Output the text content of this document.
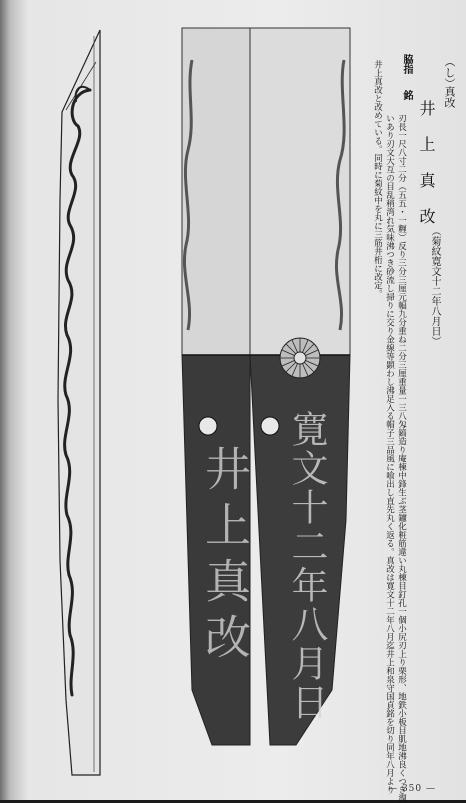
寛文十二年八月日
井上真改
（し）
真改
脇指
銘
井上真改
（菊紋寛文十二年八月日）
刃長一尺八寸二分（五五・一糎）反り三分三厘元幅九分重ね二分三厘重量一三八匁鎬造り庵棟中鋒生ぶ茎鑢化粧筋違い丸棟目釘孔一個小尻刃上り栗形、地鉄小板目肌地沸良くつき潤
いあり刃文大互の目乱稍湾れ気味沸つき砂流し掃りに交り金線等顕わし沸足入る帽子三品風に喰出し直先丸く返る。真改は寛文十二年八月迄井上和泉守国貞銘を切り同年八月より
井上真改と改めている。同時に菊紋中を丸に三筋井桁に改定。
— 350 —
